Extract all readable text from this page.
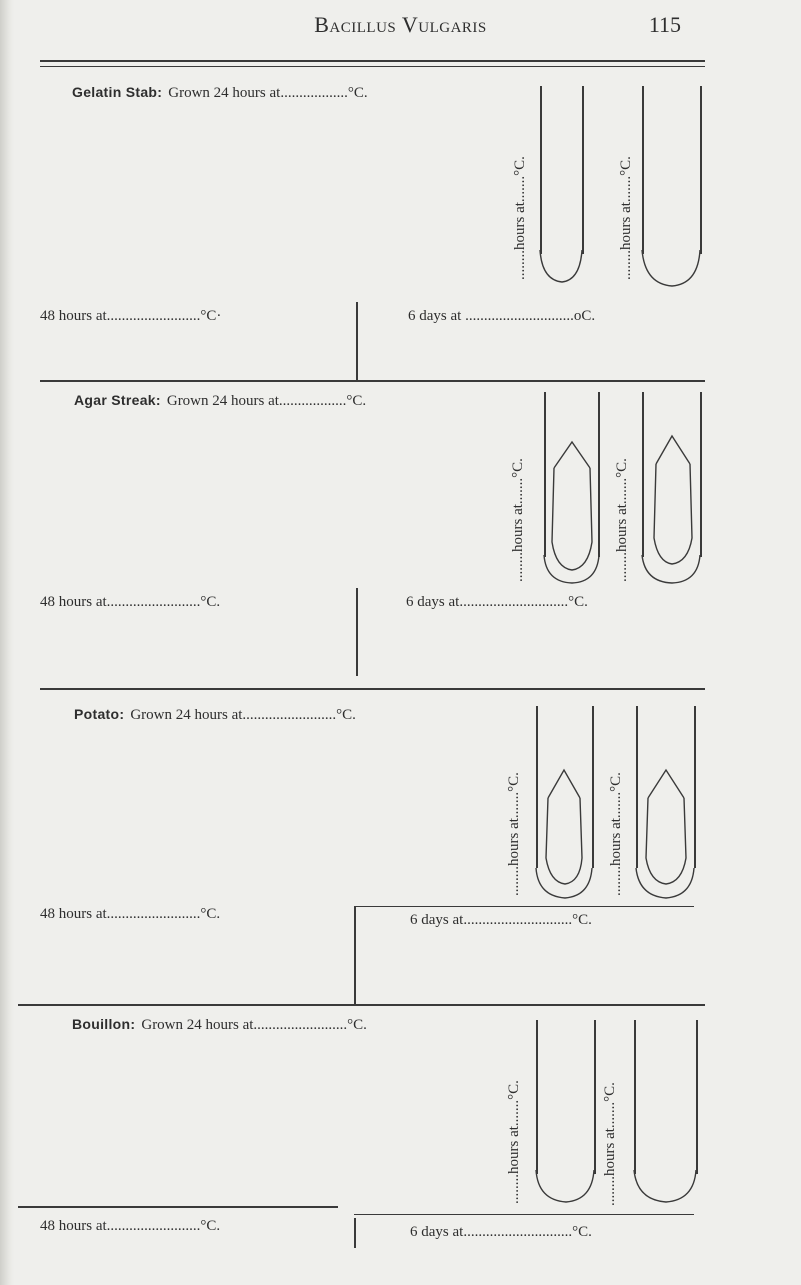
Bacillus Vulgaris	115
Gelatin Stab: Grown 24 hours at..................°C.
........hours at.......°C.	........hours at.......°C.
48 hours at.........................°C·	6 days at .............................oC.
Agar Streak: Grown 24 hours at..................°C.
........hours at.......°C.	........hours at.......°C.
48 hours at.........................°C.	6 days at.............................°C.
Potato: Grown 24 hours at.........................°C.
........hours at.......°C.	........hours at.......°C.
48 hours at.........................°C.	6 days at.............................°C.
Bouillon: Grown 24 hours at.........................°C.
........hours at.......°C.	........hours at.......°C.
48 hours at.........................°C.	6 days at.............................°C.
